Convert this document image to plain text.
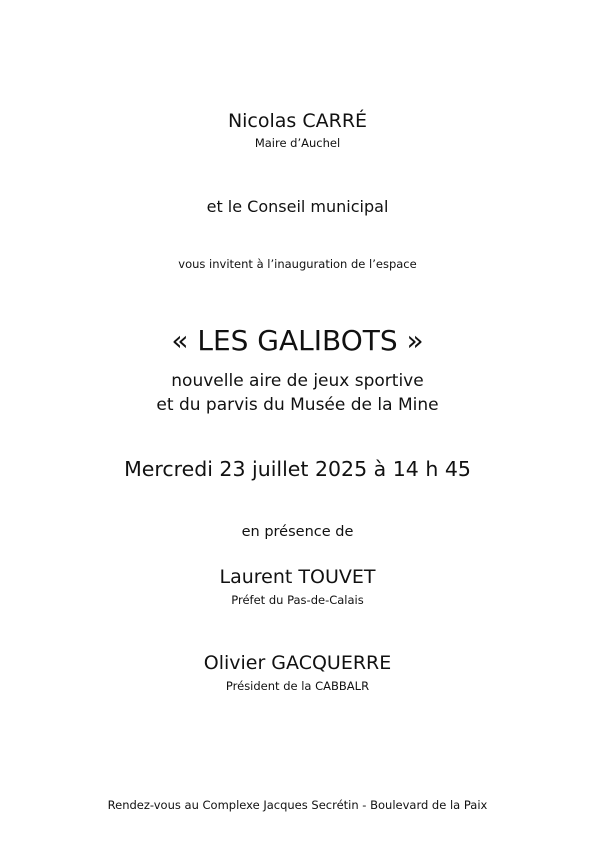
Nicolas CARRÉ
Maire d’Auchel
et le Conseil municipal
vous invitent à l’inauguration de l’espace
« LES GALIBOTS »
nouvelle aire de jeux sportive
et du parvis du Musée de la Mine
Mercredi 23 juillet 2025 à 14 h 45
en présence de
Laurent TOUVET
Préfet du Pas-de-Calais
Olivier GACQUERRE
Président de la CABBALR
Rendez-vous au Complexe Jacques Secrétin - Boulevard de la Paix
